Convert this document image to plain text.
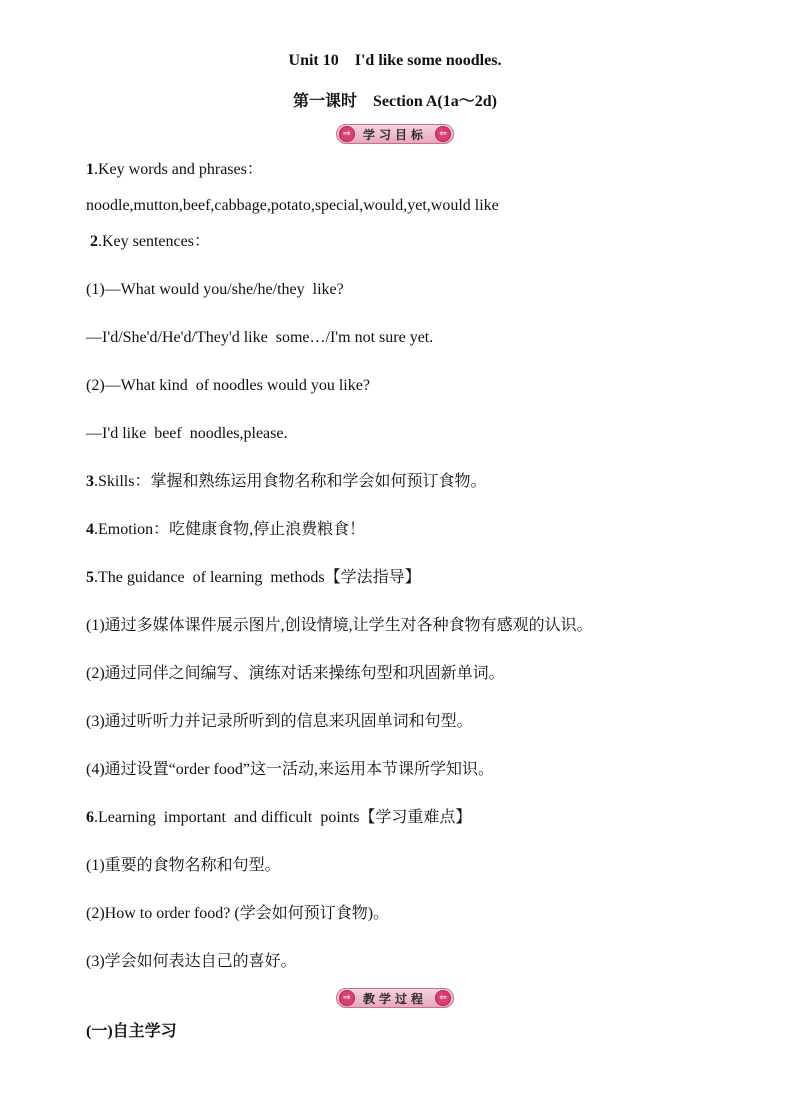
Unit 10    I'd like some noodles.
第一课时    Section A(1a～2d)
⇨	学习目标	⇦
1.Key words and phrases：
noodle,mutton,beef,cabbage,potato,special,would,yet,would like
2.Key sentences：
(1)—What would you/she/he/they  like?
—I'd/She'd/He'd/They'd like  some…/I'm not sure yet.
(2)—What kind  of noodles would you like?
—I'd like  beef  noodles,please.
3.Skills：掌握和熟练运用食物名称和学会如何预订食物。
4.Emotion：吃健康食物,停止浪费粮食！
5.The guidance  of learning  methods【学法指导】
(1)通过多媒体课件展示图片,创设情境,让学生对各种食物有感观的认识。
(2)通过同伴之间编写、演练对话来操练句型和巩固新单词。
(3)通过听听力并记录所听到的信息来巩固单词和句型。
(4)通过设置“order food”这一活动,来运用本节课所学知识。
6.Learning  important  and difficult  points【学习重难点】
(1)重要的食物名称和句型。
(2)How to order food? (学会如何预订食物)。
(3)学会如何表达自己的喜好。
⇨	教学过程	⇦
(一)自主学习
